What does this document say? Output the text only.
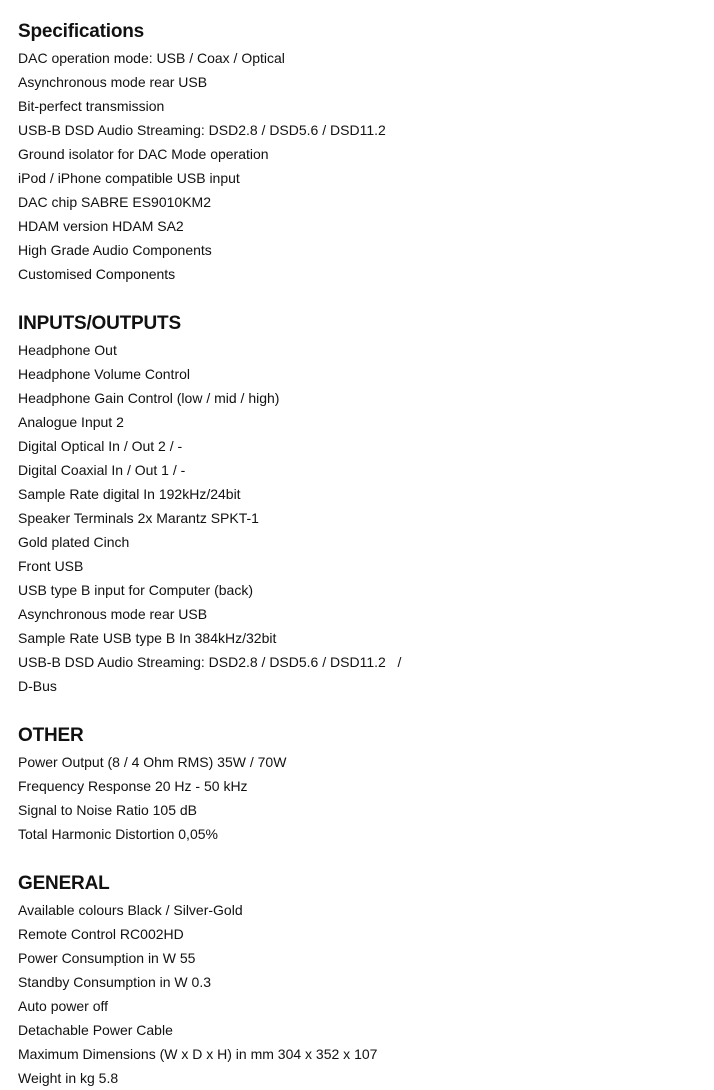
Specifications
DAC operation mode: USB / Coax / Optical
Asynchronous mode rear USB
Bit-perfect transmission
USB-B DSD Audio Streaming: DSD2.8 / DSD5.6 / DSD11.2
Ground isolator for DAC Mode operation
iPod / iPhone compatible USB input
DAC chip SABRE ES9010KM2
HDAM version HDAM SA2
High Grade Audio Components
Customised Components
INPUTS/OUTPUTS
Headphone Out
Headphone Volume Control
Headphone Gain Control (low / mid / high)
Analogue Input 2
Digital Optical In / Out 2 / -
Digital Coaxial In / Out 1 / -
Sample Rate digital In 192kHz/24bit
Speaker Terminals 2x Marantz SPKT-1
Gold plated Cinch
Front USB
USB type B input for Computer (back)
Asynchronous mode rear USB
Sample Rate USB type B In 384kHz/32bit
USB-B DSD Audio Streaming: DSD2.8 / DSD5.6 / DSD11.2   /
D-Bus
OTHER
Power Output (8 / 4 Ohm RMS) 35W / 70W
Frequency Response 20 Hz - 50 kHz
Signal to Noise Ratio 105 dB
Total Harmonic Distortion 0,05%
GENERAL
Available colours Black / Silver-Gold
Remote Control RC002HD
Power Consumption in W 55
Standby Consumption in W 0.3
Auto power off
Detachable Power Cable
Maximum Dimensions (W x D x H) in mm 304 x 352 x 107
Weight in kg 5.8
